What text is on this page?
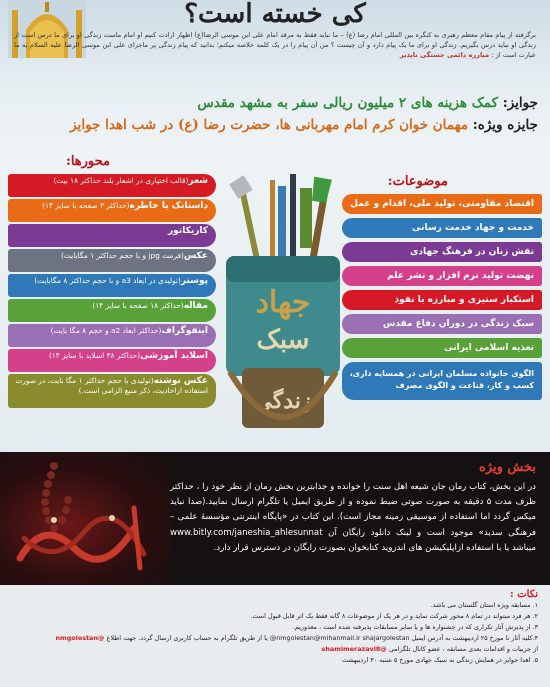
کی خسته است؟
برگرفته از پیام مقام معظم رهبری به کنگره بین المللی امام رضا (ع) – ما نباید فقط به مرقد امام علی ابن موسی الرضا(ع) اظهار ارادت کنیم او امام ماست زندگی او برای ما درس است از زندگی او نباید درس بگیریم. زندگی او برای ما یک پیام دارد و آن چیست ؟ من آن پیام را در یک کلمه خلاصه میکنم؛ بدانید که پیام زندگی پر ماجرای علی ابن موسی الرضا علیه السلام به ما عبارت است از : مبارزه دائمی خستگی ناپذیر
جوایز: کمک هزینه های ۲ میلیون ریالی سفر به مشهد مقدس
جایزه ویژه: مهمان خوان کرم امام مهربانی ها، حضرت رضا (ع) در شب اهدا جوایز
محورها:
موضوعات:
شعر(قالب اختیاری در اشعار بلند حداکثر ۱۸ بیت)
داستانک یا خاطره(حداکثر ۳ صفحه با سایز ۱۴)
کاریکاتور
عکس(فرمت jpg و با حجم حداکثر ۱ مگابایت)
پوستر(تولیدی در ابعاد a3 و با حجم حداکثر ۸ مگابایت)
مقاله(حداکثر ۱۸ صفحه با سایز ۱۴)
اینفوگراف(حداکثر ابعاد a2 و حجم ۸ مگا بایت)
اسلاید آموزشی(حداکثر ۳۸ اسلاید با سایز ۱۴)
عکس نوشته(تولیدی با حجم حداکثر ۱ مگا بایت، در صورت استفاده ازاحادیث، ذکر منبع الزامی است.)
جهاد
سبک
زندگی
اقتصاد مقاومتی، تولید ملی، اقدام و عمل
خدمت و جهاد خدمت رسانی
نقش زنان در فرهنگ جهادی
نهضت تولید نرم افزار و نشر علم
استکبار ستیزی و مبارزه با نفوذ
سبک زندگی در دوران دفاع مقدس
تغذیه اسلامی ایرانی
الگوی خانواده مسلمان ایرانی در همسایه داری، کسب و کار، قناعت و الگوی مصرف
بخش ویژه
در این بخش، کتاب رمان جان شیعه اهل سنت را خوانده و جذابترین بخش رمان از نظر خود را ، حداکثر ظرف مدت ۵ دقیقه به صورت صوتی ضبط نموده و از طریق ایمیل یا تلگرام ارسال نمایید.(صدا نباید میکس گردد اما استفاده از موسیقی زمینه مجاز است). این کتاب در «پایگاه اینترنتی مؤسسهٔ علمی – فرهنگی سدید» موجود است و لینک دانلود رایگان آن www.bitly.com/janeshia_ahlesunnat میباشد یا با استفاده ازاپلیکیشن های اندروید کتابخوان بصورت رایگان در دسترس قرار دارد.
نکات :
۱. مسابقه ویژه استان گلستان می باشد.
۲. هر فرد میتواند در تمام ۸ محور شرکت نماید و در هر یک از موضوعات ۸ گانه فقط یک اثر قابل قبول است.
۳. از پذیرش آثار تکراری که در جشنواره ها و یا سایر مسابقات پذیرفته شده است ، معذوریم.
۴.کلیه آثار تا مورخ ۲۵ اردیبهشت به آدرس ایمیل nmgolestan@mihanmail.ir shajargolestan@ یا از طریق تلگرام به حساب کاربری ارسال گردد. جهت اطلاع @nmgolestan
از جزییات و اقدامات بعدی مسابقه ، عضو کانال تلگرامی @shamimerazavi8
۵. اهدا جوایز در همایش زندگی به سبک جهادی مورخ ۵ شنبه ۳۰ اردیبهشت
